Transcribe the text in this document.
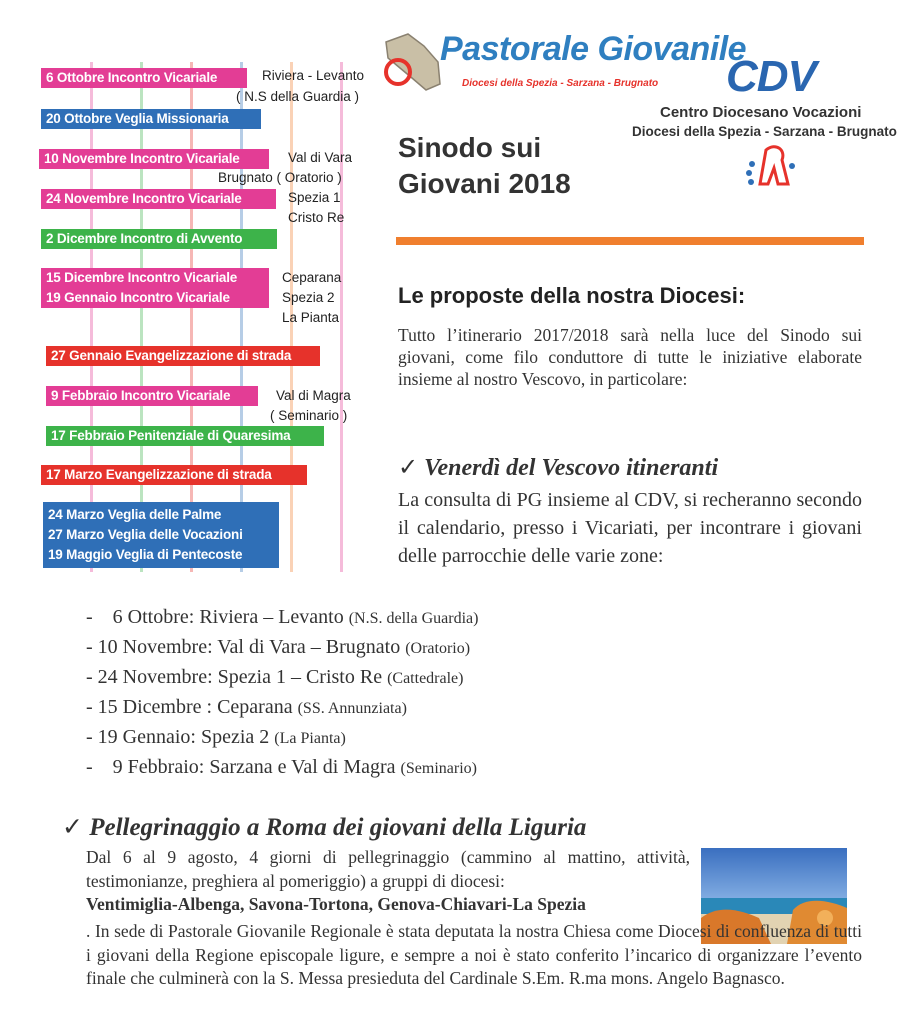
6 Ottobre Incontro Vicariale	Riviera - Levanto
( N.S della Guardia )
20 Ottobre Veglia Missionaria
10 Novembre Incontro Vicariale	Val di Vara
Brugnato ( Oratorio )
24 Novembre Incontro Vicariale	Spezia 1
Cristo Re
2 Dicembre Incontro di Avvento
15 Dicembre Incontro Vicariale	Ceparana
19 Gennaio Incontro Vicariale	Spezia 2
La Pianta
27 Gennaio Evangelizzazione di strada
9 Febbraio Incontro Vicariale	Val di Magra
( Seminario )
17 Febbraio Penitenziale di Quaresima
17 Marzo Evangelizzazione di strada
24 Marzo Veglia delle Palme
27 Marzo Veglia delle Vocazioni
19 Maggio Veglia di Pentecoste
Pastorale Giovanile
Diocesi della Spezia - Sarzana - Brugnato CDV
Centro Diocesano Vocazioni
Diocesi della Spezia - Sarzana - Brugnato
Sinodo sui
Giovani 2018
Le proposte della nostra Diocesi:
Tutto l’itinerario 2017/2018 sarà nella luce del Sinodo sui giovani, come filo conduttore di tutte le iniziative elaborate insieme al nostro Vescovo, in particolare:
✓ Venerdì del Vescovo itineranti
La consulta di PG insieme al CDV, si recheranno secondo il calendario, presso i Vicariati, per incontrare i giovani delle parrocchie delle varie zone:
-    6 Ottobre: Riviera – Levanto (N.S. della Guardia)
- 10 Novembre: Val di Vara – Brugnato (Oratorio)
- 24 Novembre: Spezia 1 – Cristo Re (Cattedrale)
- 15 Dicembre : Ceparana (SS. Annunziata)
- 19 Gennaio: Spezia 2 (La Pianta)
-    9 Febbraio: Sarzana e Val di Magra (Seminario)
✓ Pellegrinaggio a Roma dei giovani della Liguria
Dal 6 al 9 agosto, 4 giorni di pellegrinaggio (cammino al mattino, attività, testimonianze, preghiera al pomeriggio) a gruppi di diocesi:
Ventimiglia-Albenga, Savona-Tortona, Genova-Chiavari-La Spezia
. In sede di Pastorale Giovanile Regionale è stata deputata la nostra Chiesa come Diocesi di confluenza di tutti i giovani della Regione episcopale ligure, e sempre a noi è stato conferito l’incarico di organizzare l’evento finale che culminerà con la S. Messa presieduta del Cardinale S.Em. R.ma mons. Angelo Bagnasco.
